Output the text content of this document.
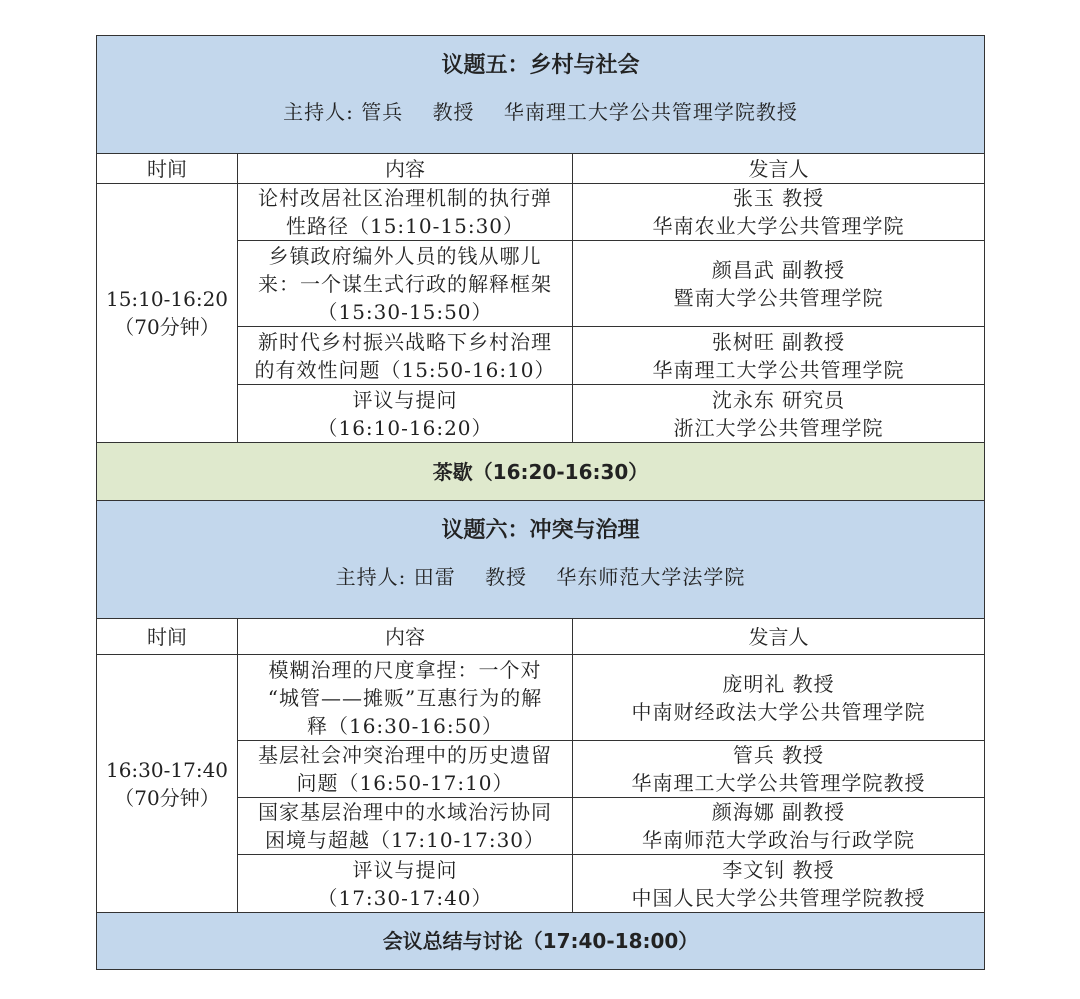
议题五：乡村与社会
主持人: 管兵 教授 华南理工大学公共管理学院教授		

时间	内容	发言人

15:10-16:20
（70分钟）	论村改居社区治理机制的执行弹
性路径（15:10-15:30）	张玉 教授
华南农业大学公共管理学院

	乡镇政府编外人员的钱从哪儿
来：一个谋生式行政的解释框架
（15:30-15:50）	颜昌武 副教授
暨南大学公共管理学院

	新时代乡村振兴战略下乡村治理
的有效性问题（15:50-16:10）	张树旺 副教授
华南理工大学公共管理学院

	评议与提问
（16:10-16:20）	沈永东 研究员
浙江大学公共管理学院

茶歇（16:20-16:30）		

议题六：冲突与治理
主持人: 田雷 教授 华东师范大学法学院		

时间	内容	发言人

16:30-17:40
（70分钟）	模糊治理的尺度拿捏：一个对
“城管——摊贩”互惠行为的解
释（16:30-16:50）	庞明礼 教授
中南财经政法大学公共管理学院

	基层社会冲突治理中的历史遗留
问题（16:50-17:10）	管兵 教授
华南理工大学公共管理学院教授

	国家基层治理中的水域治污协同
困境与超越（17:10-17:30）	颜海娜 副教授
华南师范大学政治与行政学院

	评议与提问
（17:30-17:40）	李文钊 教授
中国人民大学公共管理学院教授

会议总结与讨论（17:40-18:00）		
